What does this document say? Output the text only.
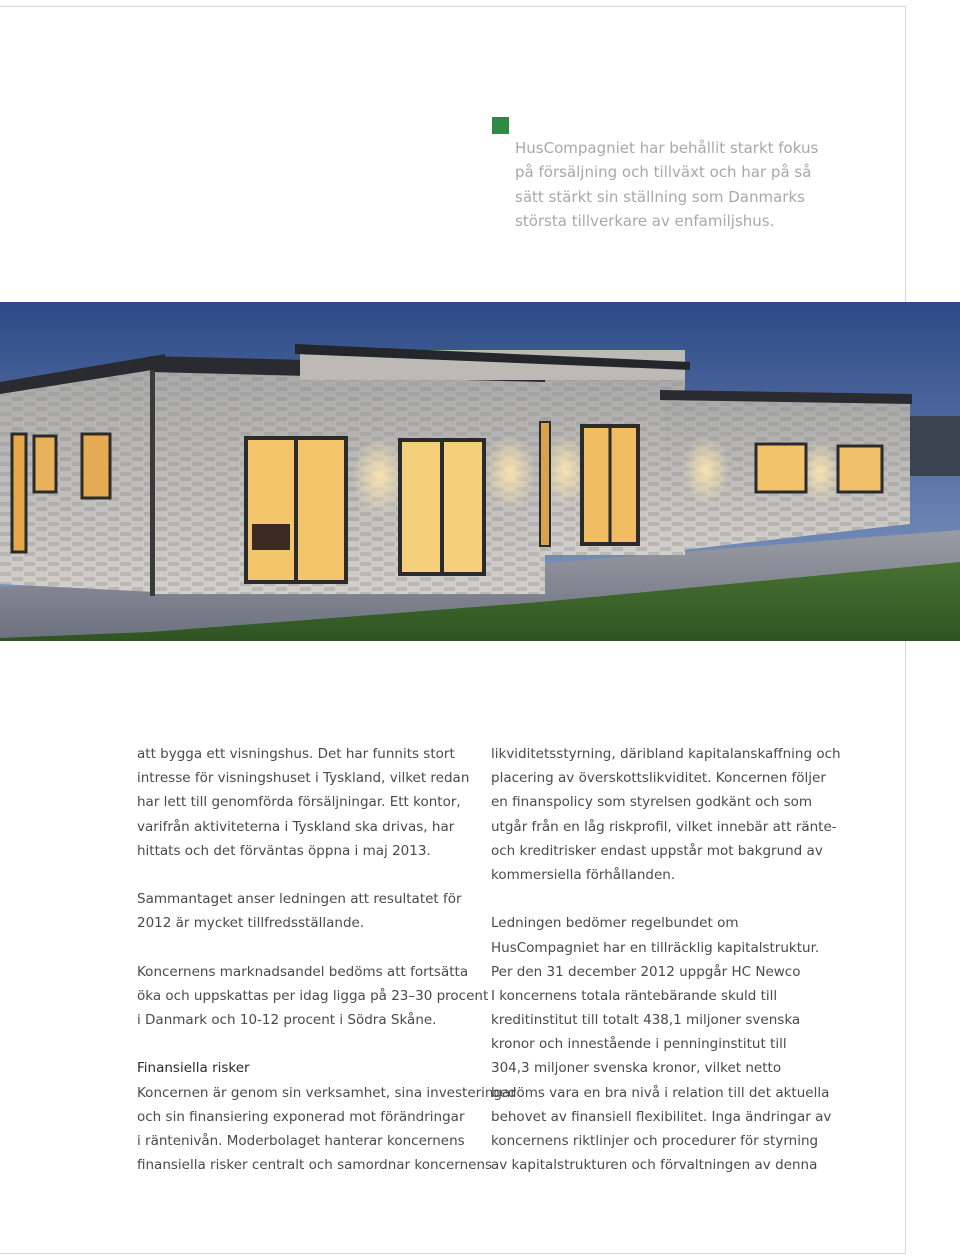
HusCompagniet har behållit starkt fokus
på försäljning och tillväxt och har på så
sätt stärkt sin ställning som Danmarks
största tillverkare av enfamiljshus.

att bygga ett visningshus. Det har funnits stort
intresse för visningshuset i Tyskland, vilket redan
har lett till genomförda försäljningar. Ett kontor,
varifrån aktiviteterna i Tyskland ska drivas, har
hittats och det förväntas öppna i maj 2013.
Sammantaget anser ledningen att resultatet för
2012 är mycket tillfredsställande.
Koncernens marknadsandel bedöms att fortsätta
öka och uppskattas per idag ligga på 23–30 procent
i Danmark och 10-12 procent i Södra Skåne.
Finansiella risker
Koncernen är genom sin verksamhet, sina investeringar
och sin finansiering exponerad mot förändringar
i räntenivån. Moderbolaget hanterar koncernens
finansiella risker centralt och samordnar koncernens
likviditetsstyrning, däribland kapitalanskaffning och
placering av överskottslikviditet. Koncernen följer
en finanspolicy som styrelsen godkänt och som
utgår från en låg riskprofil, vilket innebär att ränte-
och kreditrisker endast uppstår mot bakgrund av
kommersiella förhållanden.
Ledningen bedömer regelbundet om
HusCompagniet har en tillräcklig kapitalstruktur.
Per den 31 december 2012 uppgår HC Newco
I koncernens totala räntebärande skuld till
kreditinstitut till totalt 438,1 miljoner svenska
kronor och innestående i penninginstitut till
304,3 miljoner svenska kronor, vilket netto
bedöms vara en bra nivå i relation till det aktuella
behovet av finansiell flexibilitet. Inga ändringar av
koncernens riktlinjer och procedurer för styrning
av kapitalstrukturen och förvaltningen av denna
